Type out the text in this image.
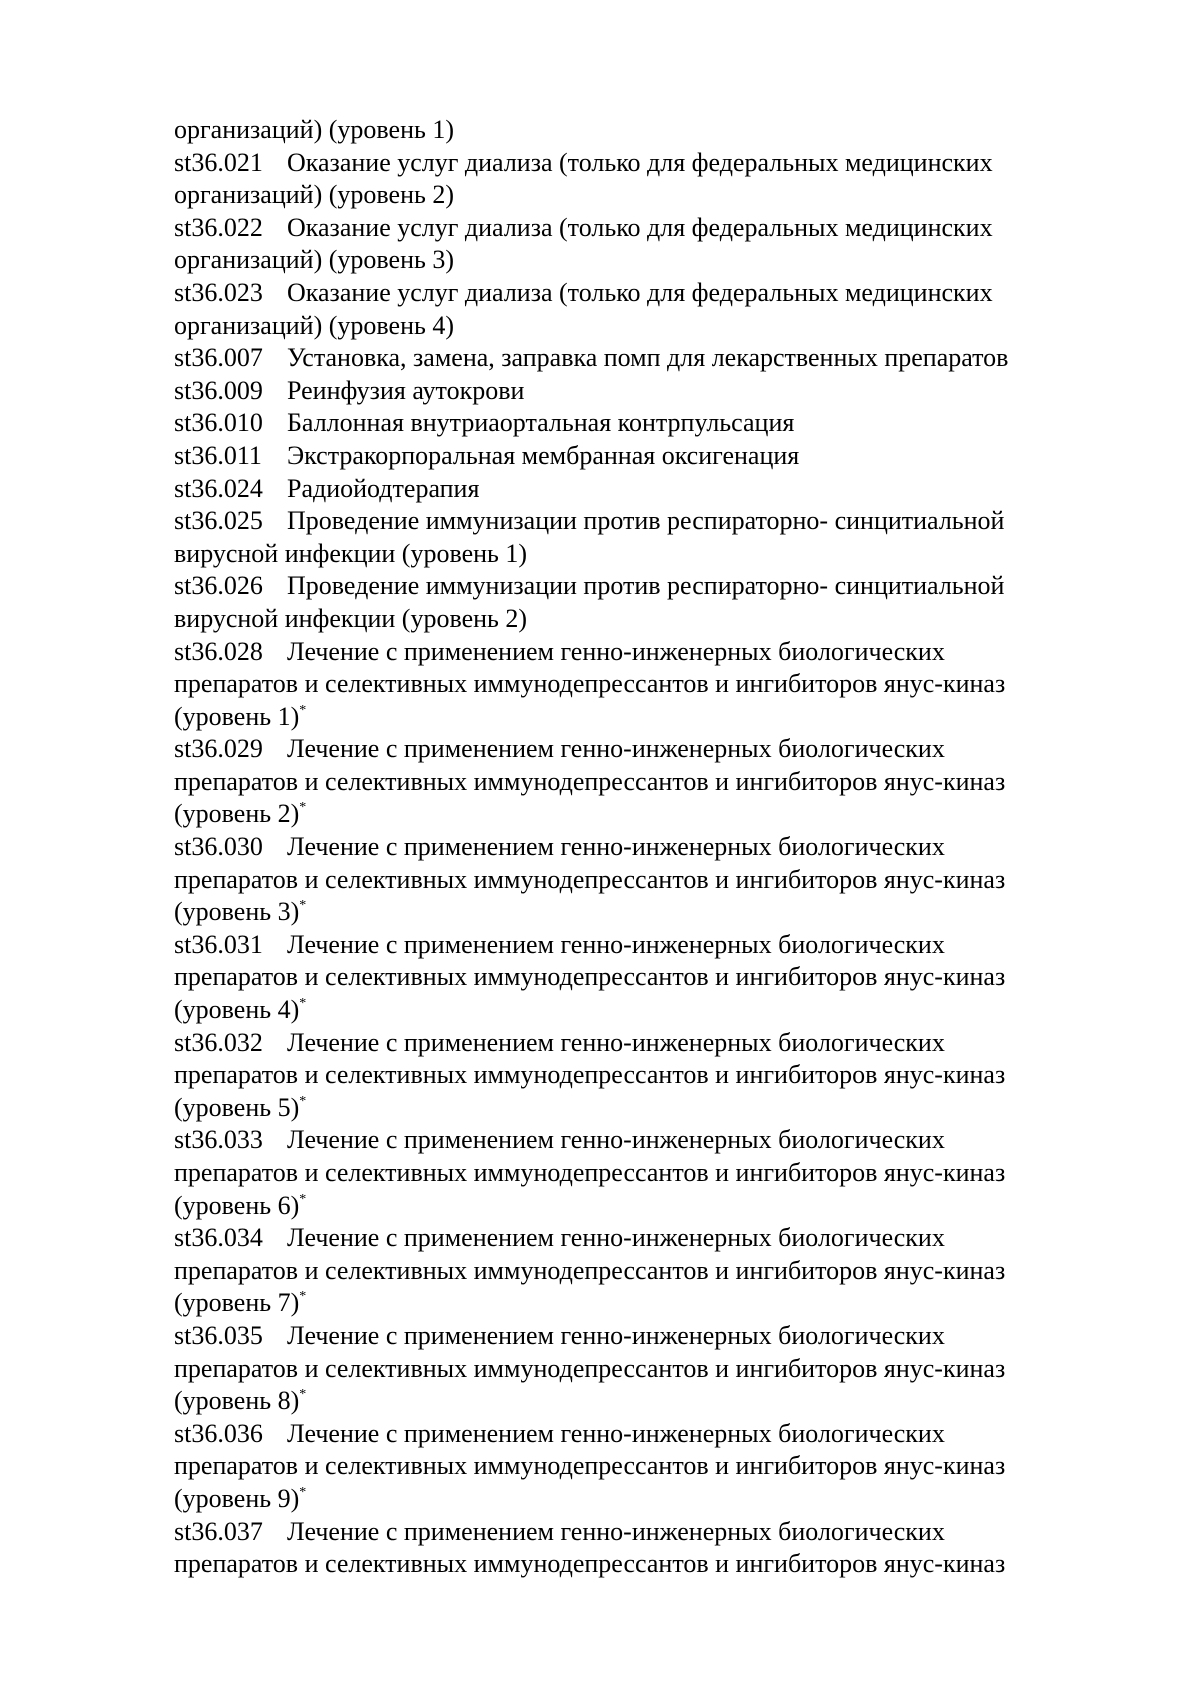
организаций) (уровень 1)
st36.021 Оказание услуг диализа (только для федеральных медицинских
организаций) (уровень 2)
st36.022 Оказание услуг диализа (только для федеральных медицинских
организаций) (уровень 3)
st36.023 Оказание услуг диализа (только для федеральных медицинских
организаций) (уровень 4)
st36.007 Установка, замена, заправка помп для лекарственных препаратов
st36.009 Реинфузия аутокрови
st36.010 Баллонная внутриаортальная контрпульсация
st36.011 Экстракорпоральная мембранная оксигенация
st36.024 Радиойодтерапия
st36.025 Проведение иммунизации против респираторно- синцитиальной
вирусной инфекции (уровень 1)
st36.026 Проведение иммунизации против респираторно- синцитиальной
вирусной инфекции (уровень 2)
st36.028 Лечение с применением генно-инженерных биологических
препаратов и селективных иммунодепрессантов и ингибиторов янус-киназ
(уровень 1)*
st36.029 Лечение с применением генно-инженерных биологических
препаратов и селективных иммунодепрессантов и ингибиторов янус-киназ
(уровень 2)*
st36.030 Лечение с применением генно-инженерных биологических
препаратов и селективных иммунодепрессантов и ингибиторов янус-киназ
(уровень 3)*
st36.031 Лечение с применением генно-инженерных биологических
препаратов и селективных иммунодепрессантов и ингибиторов янус-киназ
(уровень 4)*
st36.032 Лечение с применением генно-инженерных биологических
препаратов и селективных иммунодепрессантов и ингибиторов янус-киназ
(уровень 5)*
st36.033 Лечение с применением генно-инженерных биологических
препаратов и селективных иммунодепрессантов и ингибиторов янус-киназ
(уровень 6)*
st36.034 Лечение с применением генно-инженерных биологических
препаратов и селективных иммунодепрессантов и ингибиторов янус-киназ
(уровень 7)*
st36.035 Лечение с применением генно-инженерных биологических
препаратов и селективных иммунодепрессантов и ингибиторов янус-киназ
(уровень 8)*
st36.036 Лечение с применением генно-инженерных биологических
препаратов и селективных иммунодепрессантов и ингибиторов янус-киназ
(уровень 9)*
st36.037 Лечение с применением генно-инженерных биологических
препаратов и селективных иммунодепрессантов и ингибиторов янус-киназ
